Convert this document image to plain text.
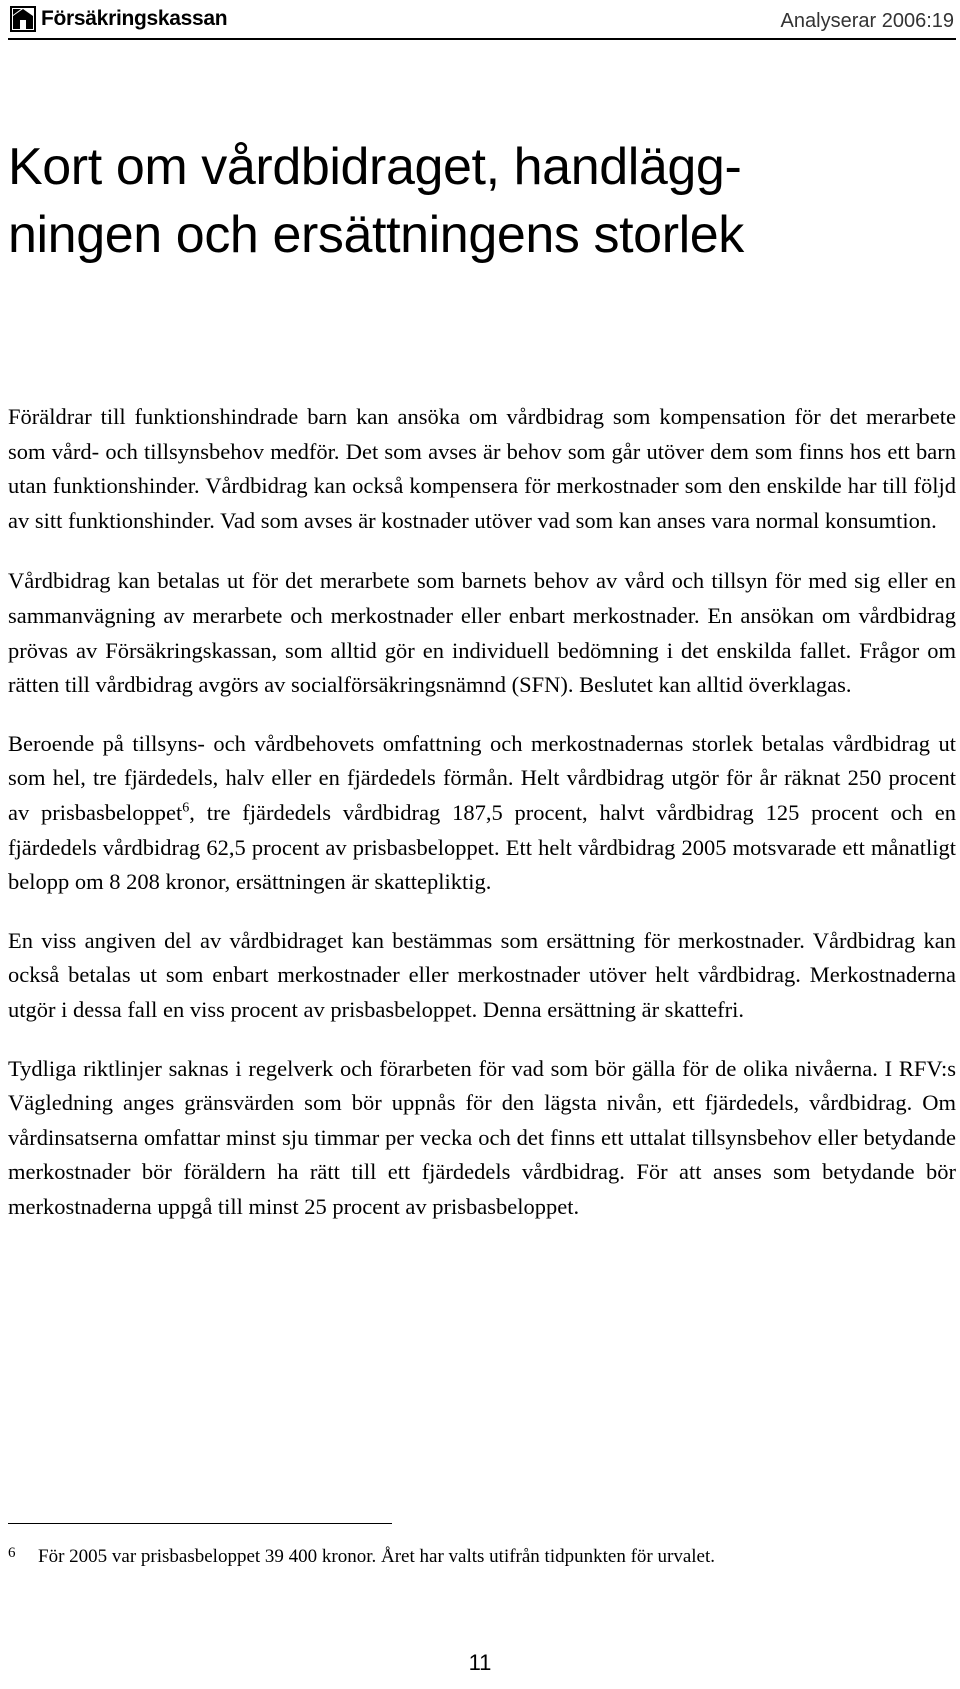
Försäkringskassan	Analyserar 2006:19
Kort om vårdbidraget, handlägg-
ningen och ersättningens storlek

Föräldrar till funktionshindrade barn kan ansöka om vårdbidrag som kompensation för det merarbete som vård- och tillsynsbehov medför. Det som avses är behov som går utöver dem som finns hos ett barn utan funktionshinder. Vårdbidrag kan också kompensera för merkostnader som den enskilde har till följd av sitt funktionshinder. Vad som avses är kostnader utöver vad som kan anses vara normal konsumtion.

Vårdbidrag kan betalas ut för det merarbete som barnets behov av vård och tillsyn för med sig eller en sammanvägning av merarbete och merkostnader eller enbart merkostnader. En ansökan om vårdbidrag prövas av Försäkringskassan, som alltid gör en individuell bedömning i det enskilda fallet. Frågor om rätten till vårdbidrag avgörs av socialförsäkringsnämnd (SFN). Beslutet kan alltid överklagas.

Beroende på tillsyns- och vårdbehovets omfattning och merkostnadernas storlek betalas vårdbidrag ut som hel, tre fjärdedels, halv eller en fjärdedels förmån. Helt vårdbidrag utgör för år räknat 250 procent av prisbasbeloppet$^6$, tre fjärdedels vårdbidrag 187,5 procent, halvt vårdbidrag 125 procent och en fjärdedels vårdbidrag 62,5 procent av prisbasbeloppet. Ett helt vårdbidrag 2005 motsvarade ett månatligt belopp om 8 208 kronor, ersättningen är skattepliktig.

En viss angiven del av vårdbidraget kan bestämmas som ersättning för merkostnader. Vårdbidrag kan också betalas ut som enbart merkostnader eller merkostnader utöver helt vårdbidrag. Merkostnaderna utgör i dessa fall en viss procent av prisbasbeloppet. Denna ersättning är skattefri.

Tydliga riktlinjer saknas i regelverk och förarbeten för vad som bör gälla för de olika nivåerna. I RFV:s Vägledning anges gränsvärden som bör uppnås för den lägsta nivån, ett fjärdedels, vårdbidrag. Om vårdinsatserna omfattar minst sju timmar per vecka och det finns ett uttalat tillsynsbehov eller betydande merkostnader bör föräldern ha rätt till ett fjärdedels vårdbidrag. För att anses som betydande bör merkostnaderna uppgå till minst 25 procent av prisbasbeloppet.

6 För 2005 var prisbasbeloppet 39 400 kronor. Året har valts utifrån tidpunkten för urvalet.
11
